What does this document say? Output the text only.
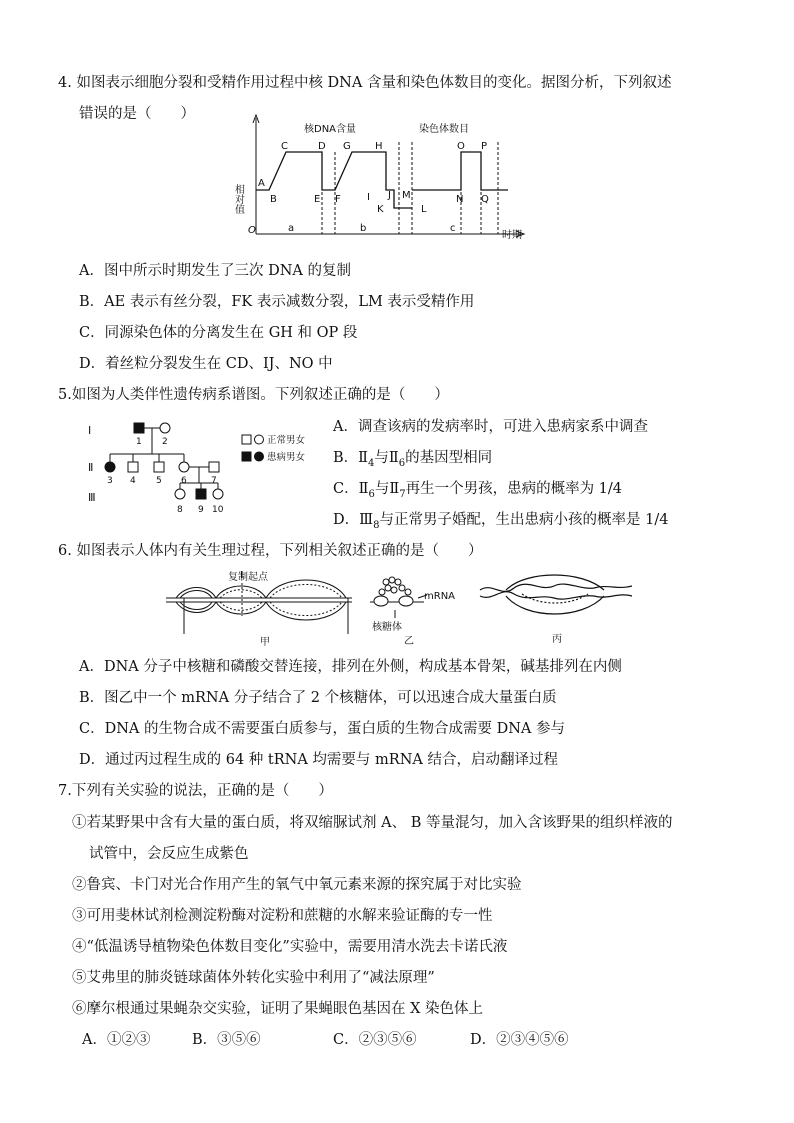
4. 如图表示细胞分裂和受精作用过程中核 DNA 含量和染色体数目的变化。据图分析，下列叙述
错误的是（　　）
相对值
核DNA含量	染色体数目
O	时期
a	b	c
A
B
C	D
E F
G H
I J
K	L
M	N
O P
Q
A．图中所示时期发生了三次 DNA 的复制
B．AE 表示有丝分裂，FK 表示减数分裂，LM 表示受精作用
C．同源染色体的分离发生在 GH 和 OP 段
D．着丝粒分裂发生在 CD、IJ、NO 中
5.如图为人类伴性遗传病系谱图。下列叙述正确的是（　　）
Ⅰ
Ⅱ
Ⅲ
1 2
3 4 5 6	7
8 9 10
正常男女
患病男女
A．调查该病的发病率时，可进入患病家系中调查
B．$Ⅱ_4$与$Ⅱ_6$的基因型相同
C．$Ⅱ_6$与$Ⅱ_7$再生一个男孩，患病的概率为 1/4
D．$Ⅲ_8$与正常男子婚配，生出患病小孩的概率是 1/4
6. 如图表示人体内有关生理过程，下列相关叙述正确的是（　　）
复制起点
甲
mRNA
核糖体
乙	丙
A．DNA 分子中核糖和磷酸交替连接，排列在外侧，构成基本骨架，碱基排列在内侧
B．图乙中一个 mRNA 分子结合了 2 个核糖体，可以迅速合成大量蛋白质
C．DNA 的生物合成不需要蛋白质参与，蛋白质的生物合成需要 DNA 参与
D．通过丙过程生成的 64 种 tRNA 均需要与 mRNA 结合，启动翻译过程
7.下列有关实验的说法，正确的是（　　）
①若某野果中含有大量的蛋白质，将双缩脲试剂 A、 B 等量混匀，加入含该野果的组织样液的
试管中，会反应生成紫色
②鲁宾、卡门对光合作用产生的氧气中氧元素来源的探究属于对比实验
③可用斐林试剂检测淀粉酶对淀粉和蔗糖的水解来验证酶的专一性
④“低温诱导植物染色体数目变化”实验中，需要用清水洗去卡诺氏液
⑤艾弗里的肺炎链球菌体外转化实验中利用了“减法原理”
⑥摩尔根通过果蝇杂交实验，证明了果蝇眼色基因在 X 染色体上
A．①②③	B．③⑤⑥	C．②③⑤⑥	D．②③④⑤⑥
